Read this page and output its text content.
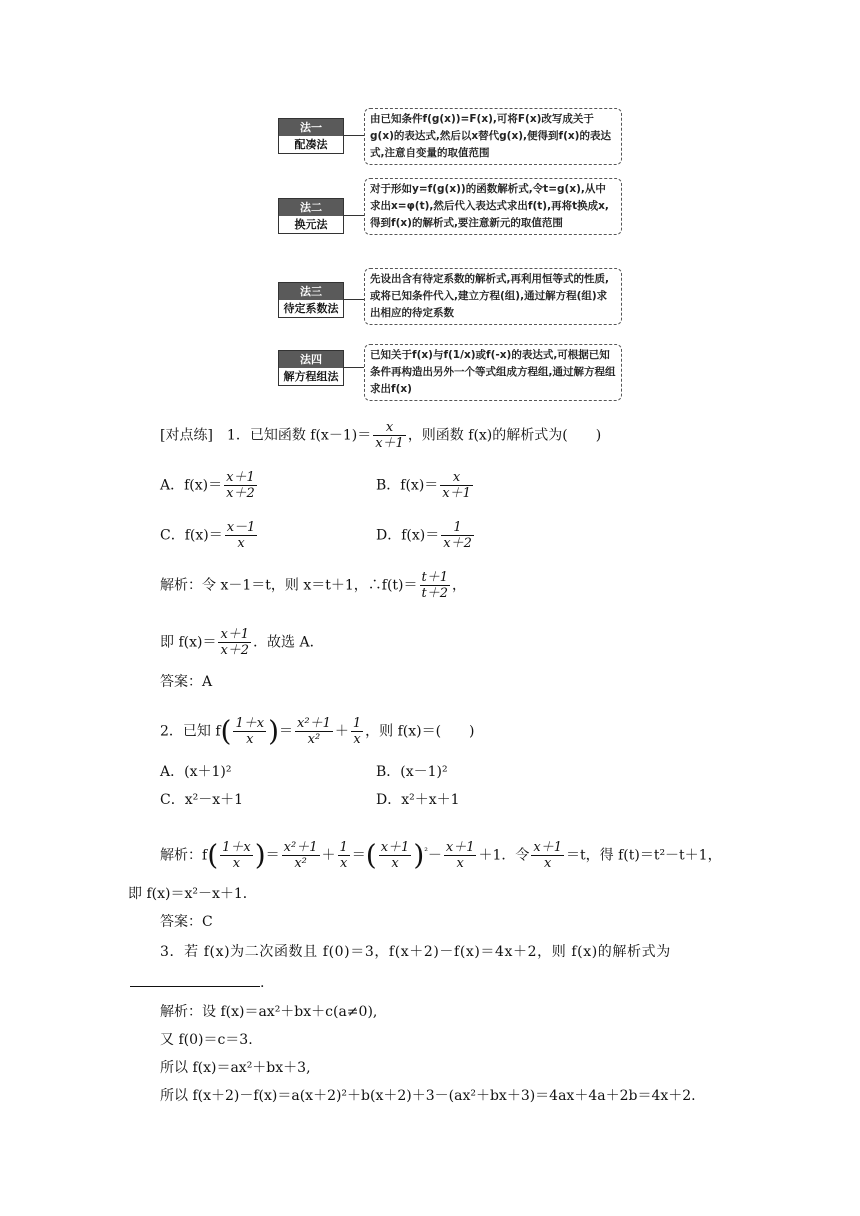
法一
配凑法
由已知条件f(g(x))=F(x),可将F(x)改写成关于g(x)的表达式,然后以x替代g(x),便得到f(x)的表达式,注意自变量的取值范围
法二
换元法
对于形如y=f(g(x))的函数解析式,令t=g(x),从中求出x=φ(t),然后代入表达式求出f(t),再将t换成x,得到f(x)的解析式,要注意新元的取值范围
法三
待定系数法
先设出含有待定系数的解析式,再利用恒等式的性质,或将已知条件代入,建立方程(组),通过解方程(组)求出相应的待定系数
法四
解方程组法
已知关于f(x)与f(1/x)或f(-x)的表达式,可根据已知条件再构造出另外一个等式组成方程组,通过解方程组求出f(x)
[对点练]　1．已知函数 $f(x-1)= \frac{x}{x+1}$ ，则函数 f(x)的解析式为(　　)
A．$f(x)= \frac{x+1}{x+2}$	B．$f(x)= \frac{x}{x+1}$
C．$f(x)= \frac{x-1}{x}$	D．$f(x)= \frac{1}{x+2}$
解析：令 x－1＝t，则 x＝t＋1，∴f(t)＝ $\frac{t+1}{t+2}$ ，
即 $f(x)= \frac{x+1}{x+2}$ ．故选 A．
答案：A
2．已知 $f( \frac{1+x}{x}$ )＝ $\frac{\text{x²＋1}}{\text{x²}} + \frac{1}{x}$ ，则 f(x)＝(　　)
A．(x＋1)²	B．(x－1)²
C．x²－x＋1	D．x²＋x＋1
解析：$f( \frac{1+x}{x}$ )＝ $\frac{\text{x²＋1}}{\text{x²}} + \frac{1}{x}$ ＝( $\frac{x+1}{x} )^{^2}- \frac{x+1}{x} +1$．令 $\frac{x+1}{x} =t$，得 f(t)＝t²－t＋1，
即 f(x)＝x²－x＋1．
答案：C
3．若 f(x)为二次函数且 f(0)＝3，f(x＋2)－f(x)＝4x＋2，则 f(x)的解析式为
.
解析：设 f(x)＝ax²＋bx＋c(a≠0),
又 f(0)＝c＝3.
所以 f(x)＝ax²＋bx＋3,
所以 f(x＋2)－f(x)＝a(x＋2)²＋b(x＋2)＋3－(ax²＋bx＋3)＝4ax＋4a＋2b＝4x＋2.
